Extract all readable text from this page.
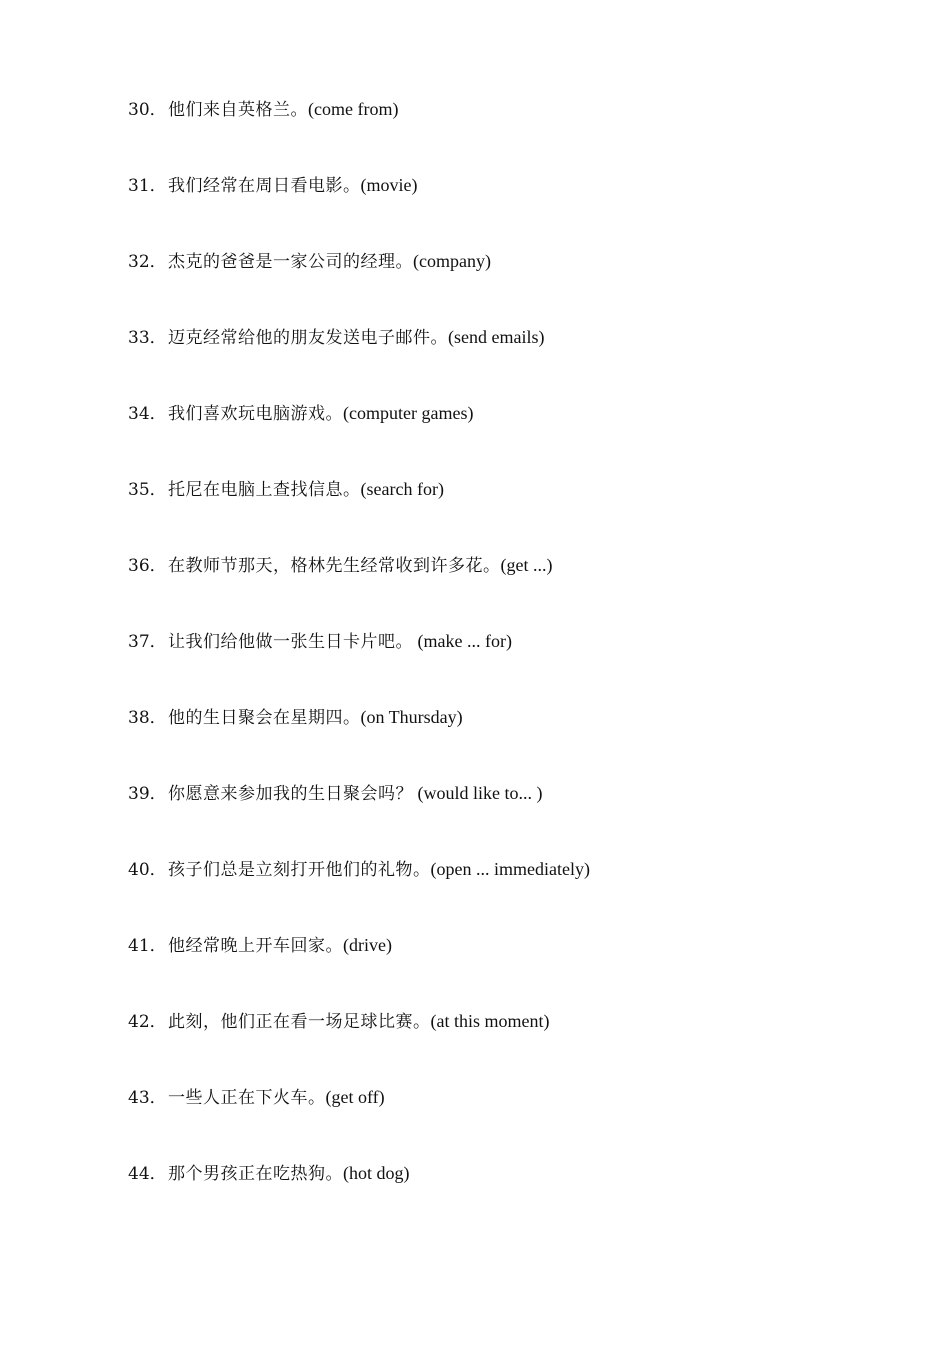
30．他们来自英格兰。(come from)
31．我们经常在周日看电影。(movie)
32．杰克的爸爸是一家公司的经理。(company)
33．迈克经常给他的朋友发送电子邮件。(send emails)
34．我们喜欢玩电脑游戏。(computer games)
35．托尼在电脑上查找信息。(search for)
36．在教师节那天，格林先生经常收到许多花。(get ...)
37．让我们给他做一张生日卡片吧。 (make ... for)
38．他的生日聚会在星期四。(on Thursday)
39．你愿意来参加我的生日聚会吗？ (would like to... )
40．孩子们总是立刻打开他们的礼物。(open ... immediately)
41．他经常晚上开车回家。(drive)
42．此刻，他们正在看一场足球比赛。(at this moment)
43．一些人正在下火车。(get off)
44．那个男孩正在吃热狗。(hot dog)
